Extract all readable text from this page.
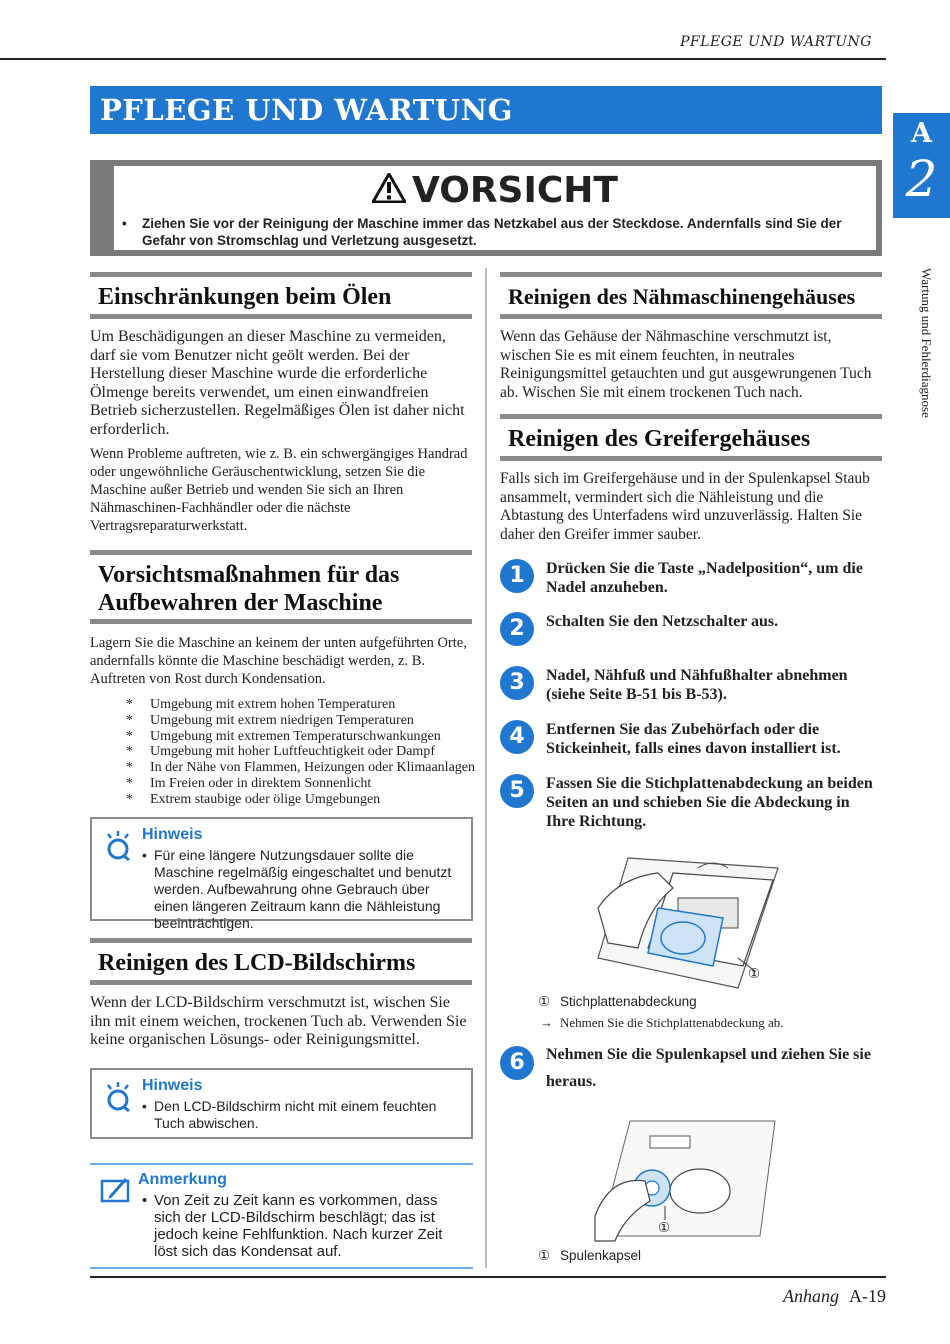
PFLEGE UND WARTUNG
PFLEGE UND WARTUNG
A
2
Wartung und Fehlerdiagnose
VORSICHT
• Ziehen Sie vor der Reinigung der Maschine immer das Netzkabel aus der Steckdose. Andernfalls sind Sie der Gefahr von Stromschlag und Verletzung ausgesetzt.
Einschränkungen beim Ölen
Um Beschädigungen an dieser Maschine zu vermeiden, darf sie vom Benutzer nicht geölt werden. Bei der Herstellung dieser Maschine wurde die erforderliche Ölmenge bereits verwendet, um einen einwandfreien Betrieb sicherzustellen. Regelmäßiges Ölen ist daher nicht erforderlich.
Wenn Probleme auftreten, wie z. B. ein schwergängiges Handrad oder ungewöhnliche Geräuschentwicklung, setzen Sie die Maschine außer Betrieb und wenden Sie sich an Ihren Nähmaschinen-Fachhändler oder die nächste Vertragsreparaturwerkstatt.
Vorsichtsmaßnahmen für das
Aufbewahren der Maschine
Lagern Sie die Maschine an keinem der unten aufgeführten Orte, andernfalls könnte die Maschine beschädigt werden, z. B. Auftreten von Rost durch Kondensation.
* Umgebung mit extrem hohen Temperaturen
* Umgebung mit extrem niedrigen Temperaturen
* Umgebung mit extremen Temperaturschwankungen
* Umgebung mit hoher Luftfeuchtigkeit oder Dampf
* In der Nähe von Flammen, Heizungen oder Klimaanlagen
* Im Freien oder in direktem Sonnenlicht
* Extrem staubige oder ölige Umgebungen
Hinweis
• Für eine längere Nutzungsdauer sollte die Maschine regelmäßig eingeschaltet und benutzt werden. Aufbewahrung ohne Gebrauch über einen längeren Zeitraum kann die Nähleistung beeinträchtigen.
Reinigen des LCD-Bildschirms
Wenn der LCD-Bildschirm verschmutzt ist, wischen Sie ihn mit einem weichen, trockenen Tuch ab. Verwenden Sie keine organischen Lösungs- oder Reinigungsmittel.
Hinweis
• Den LCD-Bildschirm nicht mit einem feuchten Tuch abwischen.
Anmerkung
• Von Zeit zu Zeit kann es vorkommen, dass sich der LCD-Bildschirm beschlägt; das ist jedoch keine Fehlfunktion. Nach kurzer Zeit löst sich das Kondensat auf.
Reinigen des Nähmaschinengehäuses
Wenn das Gehäuse der Nähmaschine verschmutzt ist, wischen Sie es mit einem feuchten, in neutrales Reinigungsmittel getauchten und gut ausgewrungenen Tuch ab. Wischen Sie mit einem trockenen Tuch nach.
Reinigen des Greifergehäuses
Falls sich im Greifergehäuse und in der Spulenkapsel Staub ansammelt, vermindert sich die Nähleistung und die Abtastung des Unterfadens wird unzuverlässig. Halten Sie daher den Greifer immer sauber.
1	Drücken Sie die Taste „Nadelposition“, um die Nadel anzuheben.
2	Schalten Sie den Netzschalter aus.
3	Nadel, Nähfuß und Nähfußhalter abnehmen (siehe Seite B-51 bis B-53).
4	Entfernen Sie das Zubehörfach oder die Stickeinheit, falls eines davon installiert ist.
5	Fassen Sie die Stichplattenabdeckung an beiden Seiten an und schieben Sie die Abdeckung in Ihre Richtung.
①
① Stichplattenabdeckung
→ Nehmen Sie die Stichplattenabdeckung ab.
6	Nehmen Sie die Spulenkapsel und ziehen Sie sie heraus.
①
① Spulenkapsel
Anhang A-19
